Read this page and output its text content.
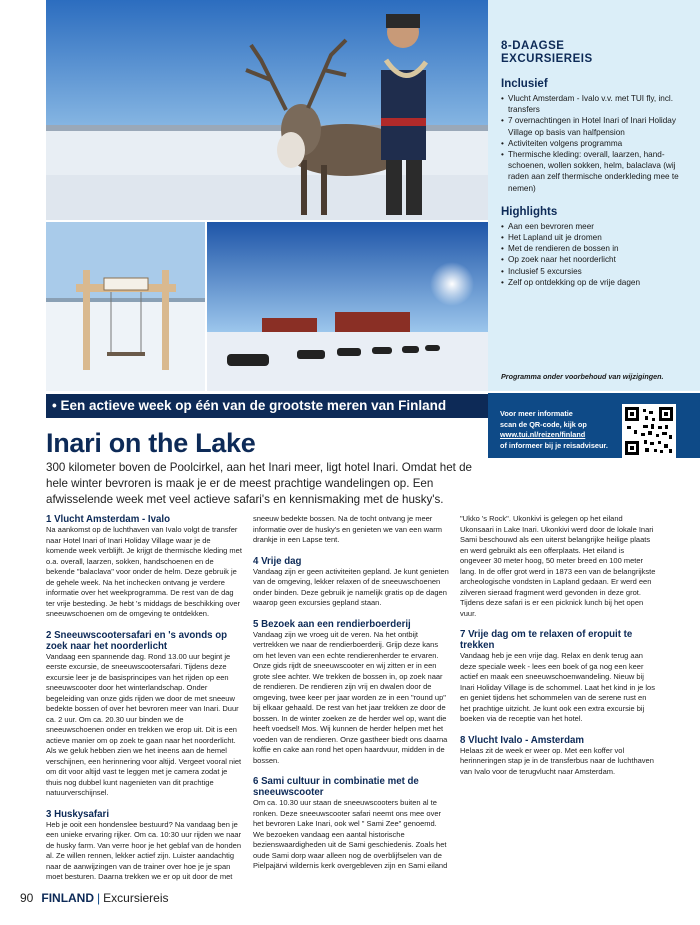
8-DAAGSE
EXCURSIEREIS
Inclusief
• Vlucht Amsterdam - Ivalo v.v. met TUI fly, incl. transfers
• 7 overnachtingen in Hotel Inari of Inari Holiday Village op basis van halfpension
• Activiteiten volgens programma
• Thermische kleding: overall, laarzen, hand-schoenen, wollen sokken, helm, balaclava (wij raden aan zelf thermische onderkleding mee te nemen)
Highlights
• Aan een bevroren meer
• Het Lapland uit je dromen
• Met de rendieren de bossen in
• Op zoek naar het noorderlicht
• Inclusief 5 excursies
• Zelf op ontdekking op de vrije dagen
Programma onder voorbehoud van wijzigingen.
• Een actieve week op één van de grootste meren van Finland
Voor meer informatie
scan de QR-code, kijk op
www.tui.nl/reizen/finland
of informeer bij je reisadviseur.
Inari on the Lake
300 kilometer boven de Poolcirkel, aan het Inari meer, ligt hotel Inari. Omdat het de hele winter bevroren is maak je er de meest prachtige wandelingen op. Een afwisselende week met veel actieve safari's en kennismaking met de husky's.
1 Vlucht Amsterdam - Ivalo
Na aankomst op de luchthaven van Ivalo volgt de transfer naar Hotel Inari of Inari Holiday Village waar je de komende week verblijft. Je krijgt de thermische kleding met o.a. overall, laarzen, sokken, handschoenen en de bekende "balaclava" voor onder de helm. Deze gebruik je de gehele week. Na het inchecken ontvang je verdere informatie over het weekprogramma. De rest van de dag ter vrije besteding. Je hebt 's middags de beschikking over sneeuwschoenen om de omgeving te ontdekken.
2 Sneeuwscootersafari en 's avonds op zoek naar het noorderlicht
Vandaag een spannende dag. Rond 13.00 uur begint je eerste excursie, de sneeuwscootersafari. Tijdens deze excursie leer je de basisprincipes van het rijden op een sneeuwscooter door het winterlandschap. Onder begeleiding van onze gids rijden we door de met sneeuw bedekte bossen of over het bevroren meer van Inari. Duur ca. 2 uur. Om ca. 20.30 uur binden we de sneeuwschoenen onder en trekken we erop uit. Dit is een actieve manier om op zoek te gaan naar het noorderlicht. Als we geluk hebben zien we het ineens aan de hemel verschijnen, een herinnering voor altijd. Vergeet vooral niet om dit voor altijd vast te leggen met je camera zodat je thuis nog dubbel kunt nagenieten van dit prachtige natuurverschijnsel.
3 Huskysafari
Heb je ooit een hondenslee bestuurd? Na vandaag ben je een unieke ervaring rijker. Om ca. 10:30 uur rijden we naar de husky farm. Van verre hoor je het geblaf van de honden al. Ze willen rennen, lekker actief zijn. Luister aandachtig naar de aanwijzingen van de trainer over hoe je je span moet besturen. Daarna trekken we er op uit door de met
sneeuw bedekte bossen. Na de tocht ontvang je meer informatie over de husky's en genieten we van een warm drankje in een Lapse tent.
4 Vrije dag
Vandaag zijn er geen activiteiten gepland. Je kunt genieten van de omgeving, lekker relaxen of de sneeuwschoenen onder binden. Deze gebruik je namelijk gratis op de dagen waarop geen excursies gepland staan.
5 Bezoek aan een rendierboerderij
Vandaag zijn we vroeg uit de veren. Na het ontbijt vertrekken we naar de rendierboerderij. Grijp deze kans om het leven van een echte rendierenherder te ervaren. Onze gids rijdt de sneeuwscooter en wij zitten er in een grote slee achter. We trekken de bossen in, op zoek naar de rendieren. De rendieren zijn vrij en dwalen door de omgeving, twee keer per jaar worden ze in een "round up" bij elkaar gehaald. De rest van het jaar trekken ze door de bossen. In de winter zoeken ze de herder wel op, want die heeft voedsel! Mos. Wij kunnen de herder helpen met het voeden van de rendieren. Onze gastheer biedt ons daarna koffie en cake aan rond het open haardvuur, midden in de bossen.
6 Sami cultuur in combinatie met de sneeuwscooter
Om ca. 10.30 uur staan de sneeuwscooters buiten al te ronken. Deze sneeuwscooter safari neemt ons mee over het bevroren Lake Inari, ook wel " Sami Zee" genoemd. We bezoeken vandaag een aantal historische bezienswaardigheden uit de Sami geschiedenis. Zoals het oude Sami dorp waar alleen nog de overblijfselen van de Pielpajärvi wildernis kerk overgebleven zijn en Sami eiland
"Ukko 's Rock". Ukonkivi is gelegen op het eiland Ukonsaari in Lake Inari. Ukonkivi werd door de lokale Inari Sami beschouwd als een uiterst belangrijke heilige plaats en werd gebruikt als een offerplaats. Het eiland is ongeveer 30 meter hoog, 50 meter breed en 100 meter lang. In de offer grot werd in 1873 een van de belangrijkste archeologische vondsten in Lapland gedaan. Er werd een zilveren sieraad fragment werd gevonden in deze grot. Tijdens deze safari is er een picknick lunch bij het open vuur.
7 Vrije dag om te relaxen of eropuit te trekken
Vandaag heb je een vrije dag. Relax en denk terug aan deze speciale week - lees een boek of ga nog een keer actief en maak een sneeuwschoenwandeling. Nieuw bij Inari Holiday Village is de schommel. Laat het kind in je los en geniet tijdens het schommelen van de serene rust en het prachtige uitzicht. Je kunt ook een extra excursie bij boeken via de receptie van het hotel.
8 Vlucht Ivalo - Amsterdam
Helaas zit de week er weer op. Met een koffer vol herinneringen stap je in de transferbus naar de luchthaven van Ivalo voor de terugvlucht naar Amsterdam.
90 FINLAND | Excursiereis
